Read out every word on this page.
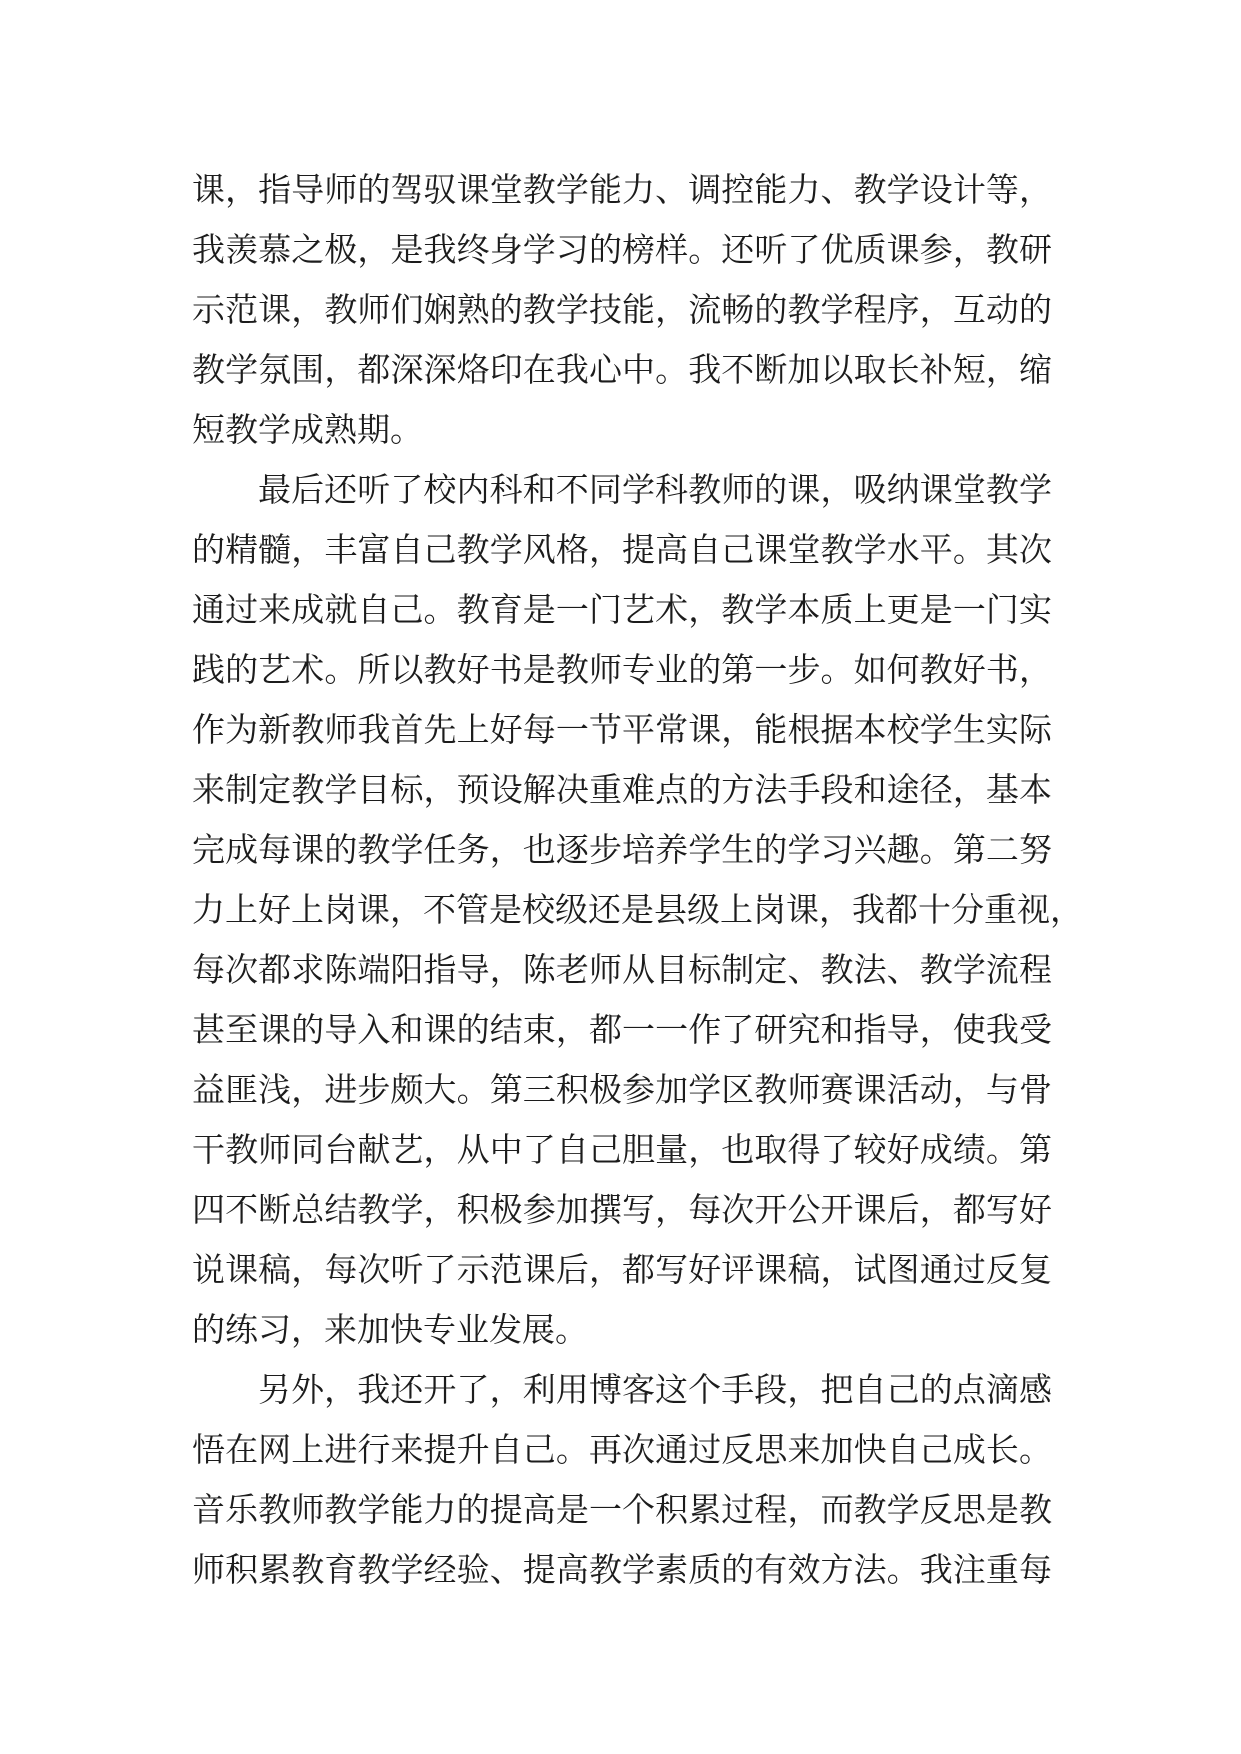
课，指导师的驾驭课堂教学能力、调控能力、教学设计等，
我羡慕之极，是我终身学习的榜样。还听了优质课参，教研
示范课，教师们娴熟的教学技能，流畅的教学程序，互动的
教学氛围，都深深烙印在我心中。我不断加以取长补短，缩
短教学成熟期。
最后还听了校内科和不同学科教师的课，吸纳课堂教学
的精髓，丰富自己教学风格，提高自己课堂教学水平。其次
通过来成就自己。教育是一门艺术，教学本质上更是一门实
践的艺术。所以教好书是教师专业的第一步。如何教好书，
作为新教师我首先上好每一节平常课，能根据本校学生实际
来制定教学目标，预设解决重难点的方法手段和途径，基本
完成每课的教学任务，也逐步培养学生的学习兴趣。第二努
力上好上岗课，不管是校级还是县级上岗课，我都十分重视，
每次都求陈端阳指导，陈老师从目标制定、教法、教学流程
甚至课的导入和课的结束，都一一作了研究和指导，使我受
益匪浅，进步颇大。第三积极参加学区教师赛课活动，与骨
干教师同台献艺，从中了自己胆量，也取得了较好成绩。第
四不断总结教学，积极参加撰写，每次开公开课后，都写好
说课稿，每次听了示范课后，都写好评课稿，试图通过反复
的练习，来加快专业发展。
另外，我还开了，利用博客这个手段，把自己的点滴感
悟在网上进行来提升自己。再次通过反思来加快自己成长。
音乐教师教学能力的提高是一个积累过程，而教学反思是教
师积累教育教学经验、提高教学素质的有效方法。我注重每
